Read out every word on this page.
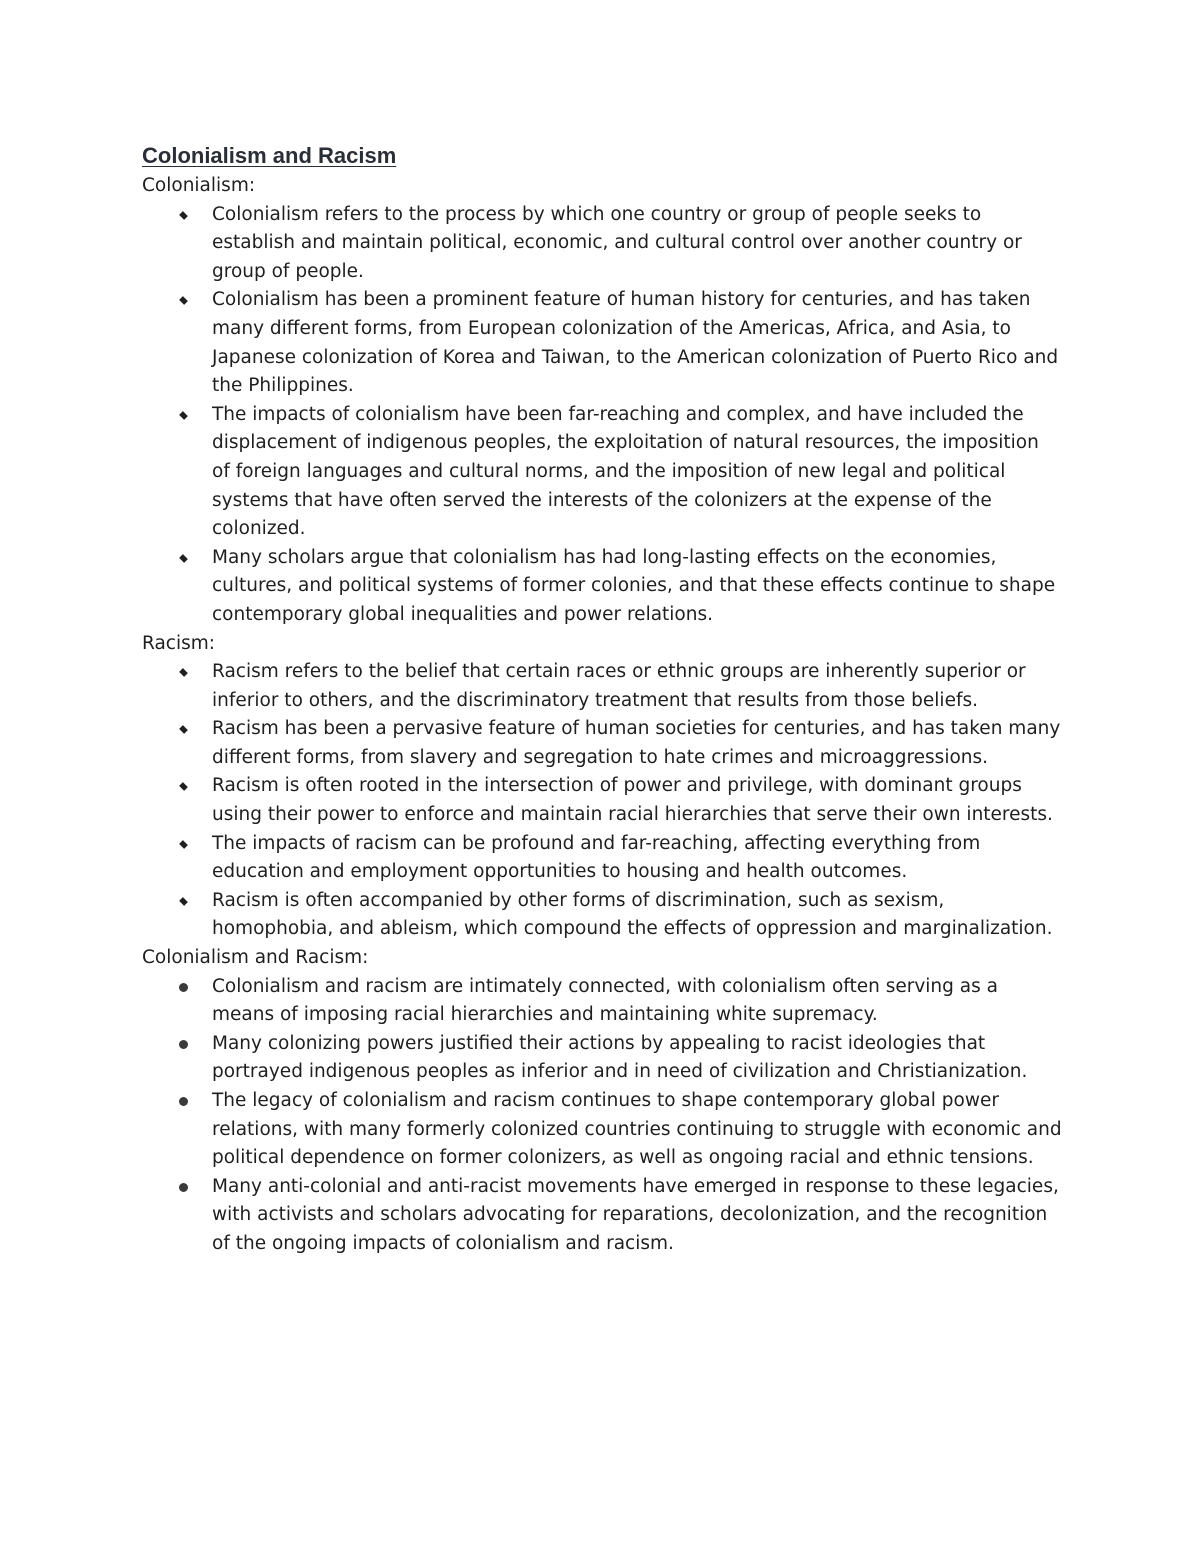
Colonialism and Racism
Colonialism:
Colonialism refers to the process by which one country or group of people seeks to establish and maintain political, economic, and cultural control over another country or group of people.
Colonialism has been a prominent feature of human history for centuries, and has taken many different forms, from European colonization of the Americas, Africa, and Asia, to Japanese colonization of Korea and Taiwan, to the American colonization of Puerto Rico and the Philippines.
The impacts of colonialism have been far-reaching and complex, and have included the displacement of indigenous peoples, the exploitation of natural resources, the imposition of foreign languages and cultural norms, and the imposition of new legal and political systems that have often served the interests of the colonizers at the expense of the colonized.
Many scholars argue that colonialism has had long-lasting effects on the economies, cultures, and political systems of former colonies, and that these effects continue to shape contemporary global inequalities and power relations.
Racism:
Racism refers to the belief that certain races or ethnic groups are inherently superior or inferior to others, and the discriminatory treatment that results from those beliefs.
Racism has been a pervasive feature of human societies for centuries, and has taken many different forms, from slavery and segregation to hate crimes and microaggressions.
Racism is often rooted in the intersection of power and privilege, with dominant groups using their power to enforce and maintain racial hierarchies that serve their own interests.
The impacts of racism can be profound and far-reaching, affecting everything from education and employment opportunities to housing and health outcomes.
Racism is often accompanied by other forms of discrimination, such as sexism, homophobia, and ableism, which compound the effects of oppression and marginalization.
Colonialism and Racism:
Colonialism and racism are intimately connected, with colonialism often serving as a means of imposing racial hierarchies and maintaining white supremacy.
Many colonizing powers justified their actions by appealing to racist ideologies that portrayed indigenous peoples as inferior and in need of civilization and Christianization.
The legacy of colonialism and racism continues to shape contemporary global power relations, with many formerly colonized countries continuing to struggle with economic and political dependence on former colonizers, as well as ongoing racial and ethnic tensions.
Many anti-colonial and anti-racist movements have emerged in response to these legacies, with activists and scholars advocating for reparations, decolonization, and the recognition of the ongoing impacts of colonialism and racism.
